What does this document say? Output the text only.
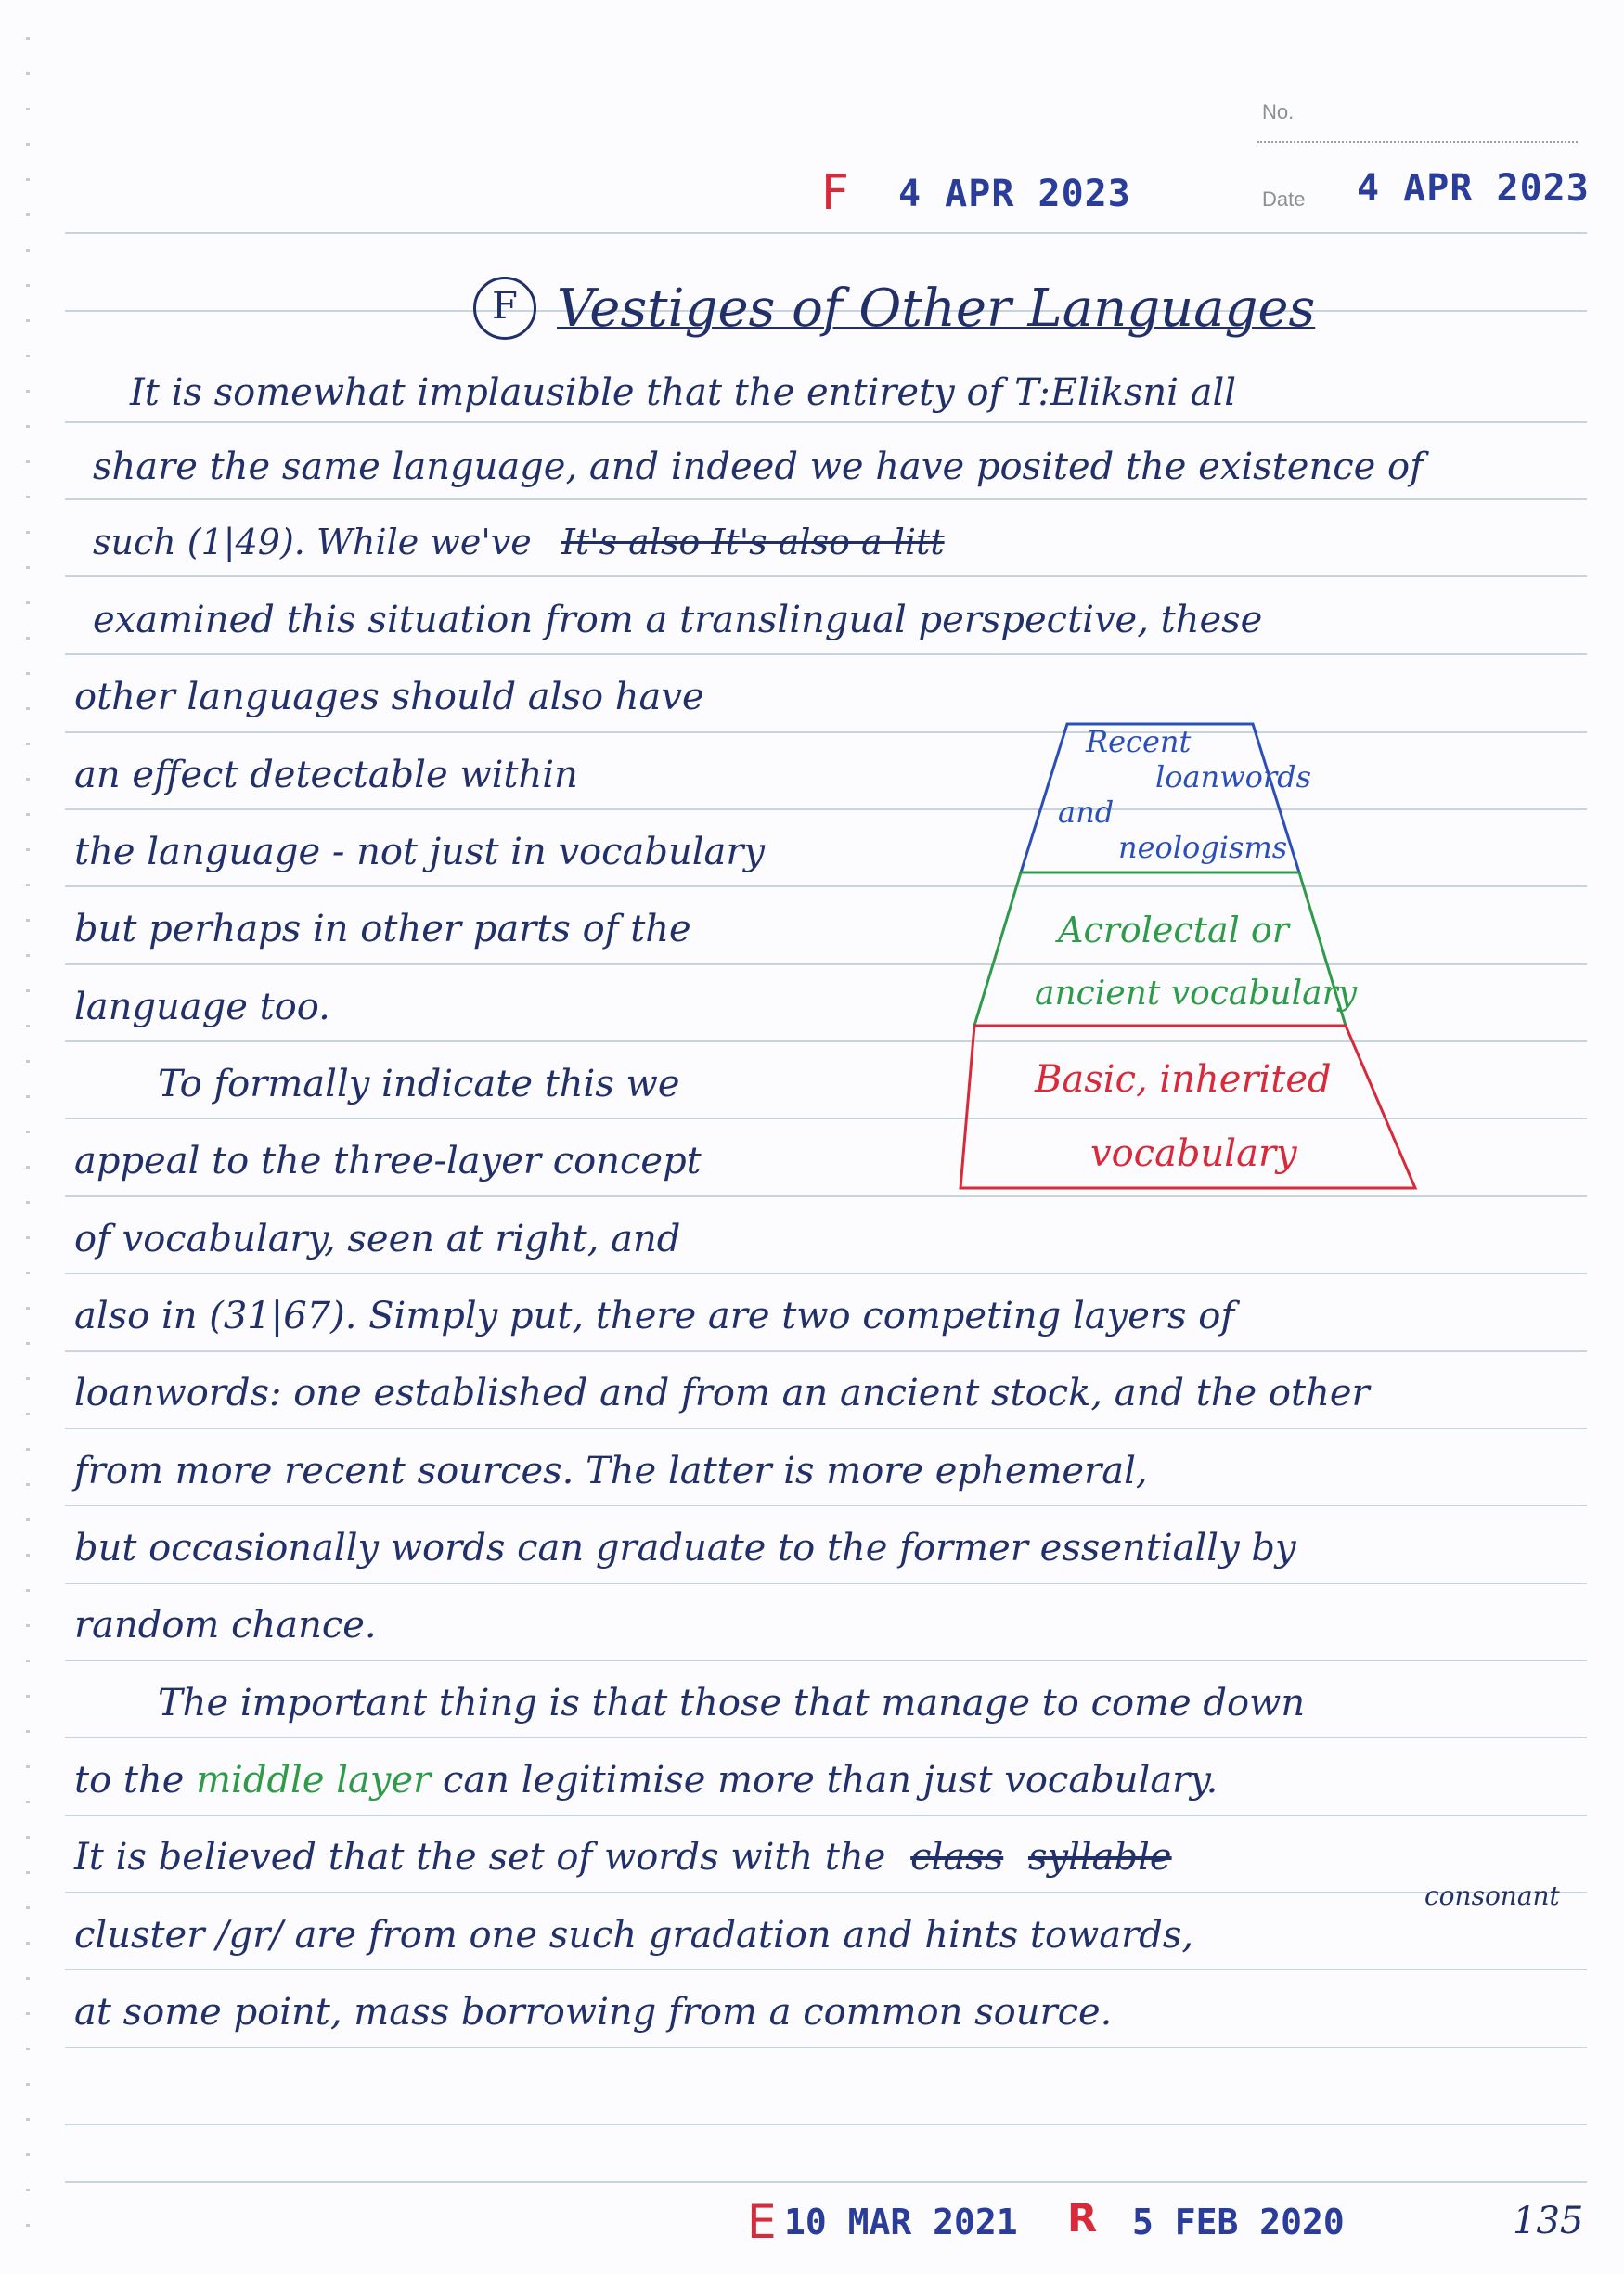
No.
Date
F 4 APR 2023	4 APR 2023
F Vestiges of Other Languages
It is somewhat implausible that the entirety of T:Eliksni all
share the same language, and indeed we have posited the existence of
such (1|49). While we've It's also It's also a litt
examined this situation from a translingual perspective, these
other languages should also have
an effect detectable within
the language - not just in vocabulary
but perhaps in other parts of the
language too.
To formally indicate this we
appeal to the three-layer concept
of vocabulary, seen at right, and
also in (31|67). Simply put, there are two competing layers of
loanwords: one established and from an ancient stock, and the other
from more recent sources. The latter is more ephemeral,
but occasionally words can graduate to the former essentially by
random chance.
The important thing is that those that manage to come down
to the middle layer can legitimise more than just vocabulary.
It is believed that the set of words with the class syllable
consonant
cluster /gr/ are from one such gradation and hints towards,
at some point, mass borrowing from a common source.
Recent
loanwords
and
neologisms
Acrolectal or
ancient vocabulary
Basic, inherited
vocabulary
E 10 MAR 2021 R 5 FEB 2020	135
